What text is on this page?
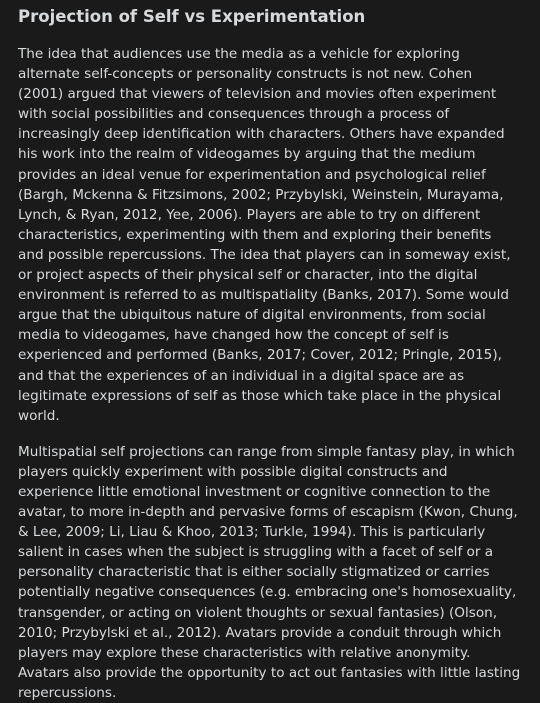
Projection of Self vs Experimentation

The idea that audiences use the media as a vehicle for exploring alternate self-concepts or personality constructs is not new. Cohen (2001) argued that viewers of television and movies often experiment with social possibilities and consequences through a process of increasingly deep identification with characters. Others have expanded his work into the realm of videogames by arguing that the medium provides an ideal venue for experimentation and psychological relief (Bargh, Mckenna & Fitzsimons, 2002; Przybylski, Weinstein, Murayama, Lynch, & Ryan, 2012, Yee, 2006). Players are able to try on different characteristics, experimenting with them and exploring their benefits and possible repercussions. The idea that players can in someway exist, or project aspects of their physical self or character, into the digital environment is referred to as multispatiality (Banks, 2017). Some would argue that the ubiquitous nature of digital environments, from social media to videogames, have changed how the concept of self is experienced and performed (Banks, 2017; Cover, 2012; Pringle, 2015), and that the experiences of an individual in a digital space are as legitimate expressions of self as those which take place in the physical world.

Multispatial self projections can range from simple fantasy play, in which players quickly experiment with possible digital constructs and experience little emotional investment or cognitive connection to the avatar, to more in-depth and pervasive forms of escapism (Kwon, Chung, & Lee, 2009; Li, Liau & Khoo, 2013; Turkle, 1994). This is particularly salient in cases when the subject is struggling with a facet of self or a personality characteristic that is either socially stigmatized or carries potentially negative consequences (e.g. embracing one's homosexuality, transgender, or acting on violent thoughts or sexual fantasies) (Olson, 2010; Przybylski et al., 2012). Avatars provide a conduit through which players may explore these characteristics with relative anonymity. Avatars also provide the opportunity to act out fantasies with little lasting repercussions.
